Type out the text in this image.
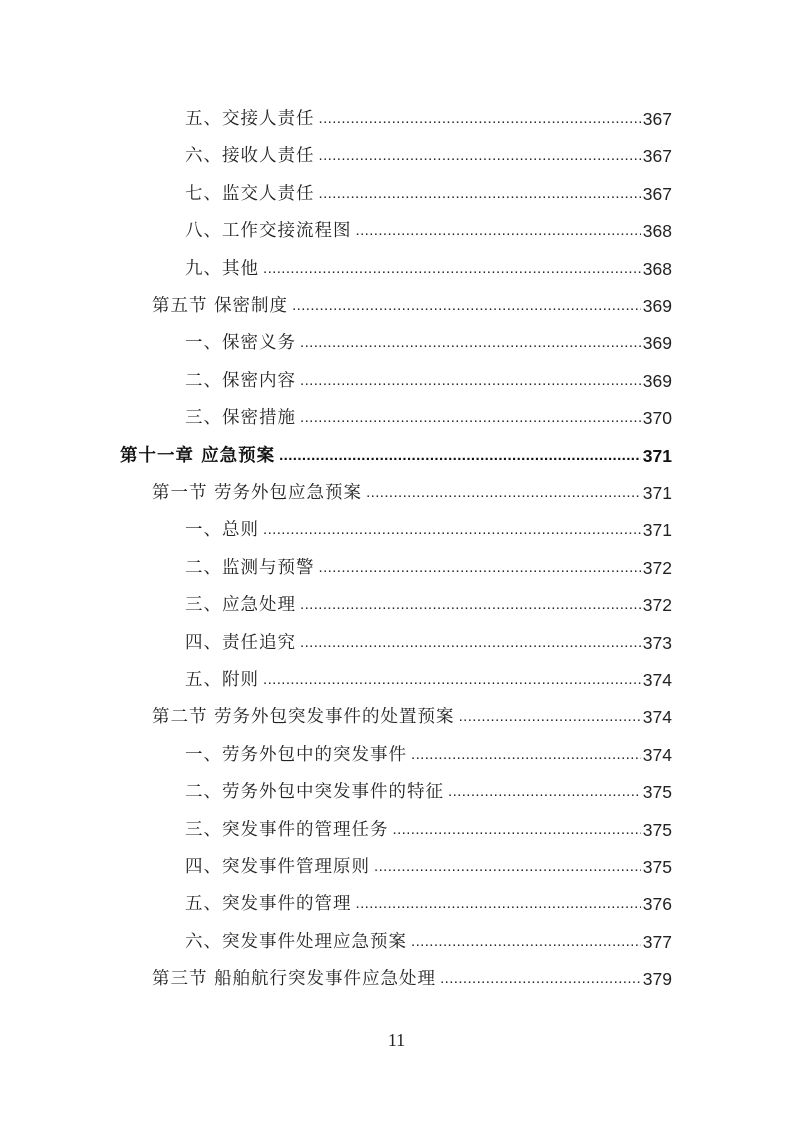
五、交接人责任 .....	367
六、接收人责任 .....	367
七、监交人责任 .....	367
八、工作交接流程图 .....	368
九、其他 .....	368
第五节 保密制度 .....	369
一、保密义务 .....	369
二、保密内容 .....	369
三、保密措施 .....	370
第十一章 应急预案 .....	371
第一节 劳务外包应急预案 .....	371
一、总则 .....	371
二、监测与预警 .....	372
三、应急处理 .....	372
四、责任追究 .....	373
五、附则 .....	374
第二节 劳务外包突发事件的处置预案 .....	374
一、劳务外包中的突发事件 .....	374
二、劳务外包中突发事件的特征 .....	375
三、突发事件的管理任务 .....	375
四、突发事件管理原则 .....	375
五、突发事件的管理 .....	376
六、突发事件处理应急预案 .....	377
第三节 船舶航行突发事件应急处理 .....	379
11
